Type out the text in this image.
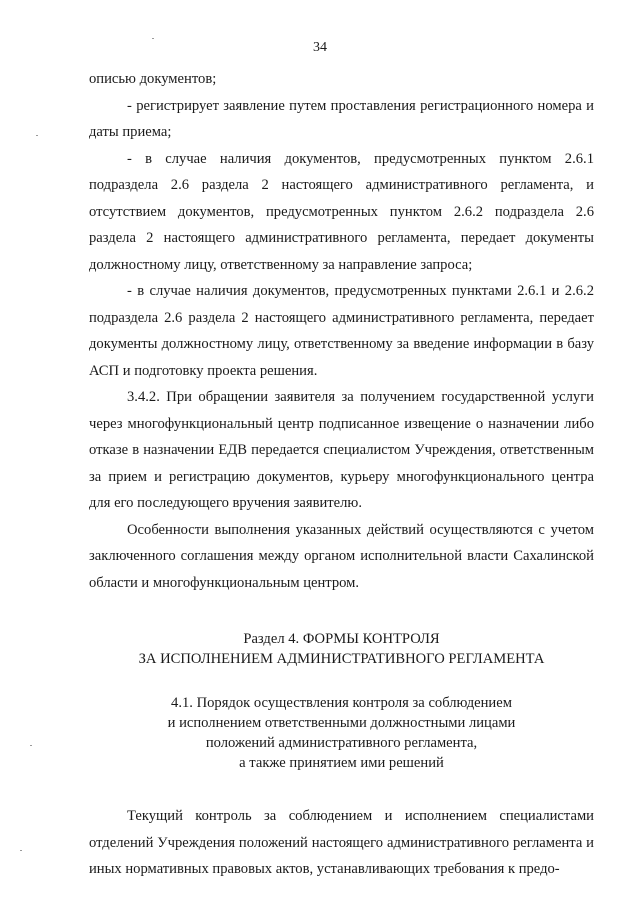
34

описью документов;

- регистрирует заявление путем проставления регистрационного номера и даты приема;

- в случае наличия документов, предусмотренных пунктом 2.6.1 подраздела 2.6 раздела 2 настоящего административного регламента, и отсутствием документов, предусмотренных пунктом 2.6.2 подраздела 2.6 раздела 2 настоящего административного регламента, передает документы должностному лицу, ответственному за направление запроса;

- в случае наличия документов, предусмотренных пунктами 2.6.1 и 2.6.2 подраздела 2.6 раздела 2 настоящего административного регламента, передает документы должностному лицу, ответственному за введение информации в базу АСП и подготовку проекта решения.

3.4.2. При обращении заявителя за получением государственной услуги через многофункциональный центр подписанное извещение о назначении либо отказе в назначении ЕДВ передается специалистом Учреждения, ответственным за прием и регистрацию документов, курьеру многофункционального центра для его последующего вручения заявителю.

Особенности выполнения указанных действий осуществляются с учетом заключенного соглашения между органом исполнительной власти Сахалинской области и многофункциональным центром.

Раздел 4. ФОРМЫ КОНТРОЛЯ

ЗА ИСПОЛНЕНИЕМ АДМИНИСТРАТИВНОГО РЕГЛАМЕНТА

4.1. Порядок осуществления контроля за соблюдением

и исполнением ответственными должностными лицами

положений административного регламента,

а также принятием ими решений

Текущий контроль за соблюдением и исполнением специалистами отделений Учреждения положений настоящего административного регламента и иных нормативных правовых актов, устанавливающих требования к предо-
